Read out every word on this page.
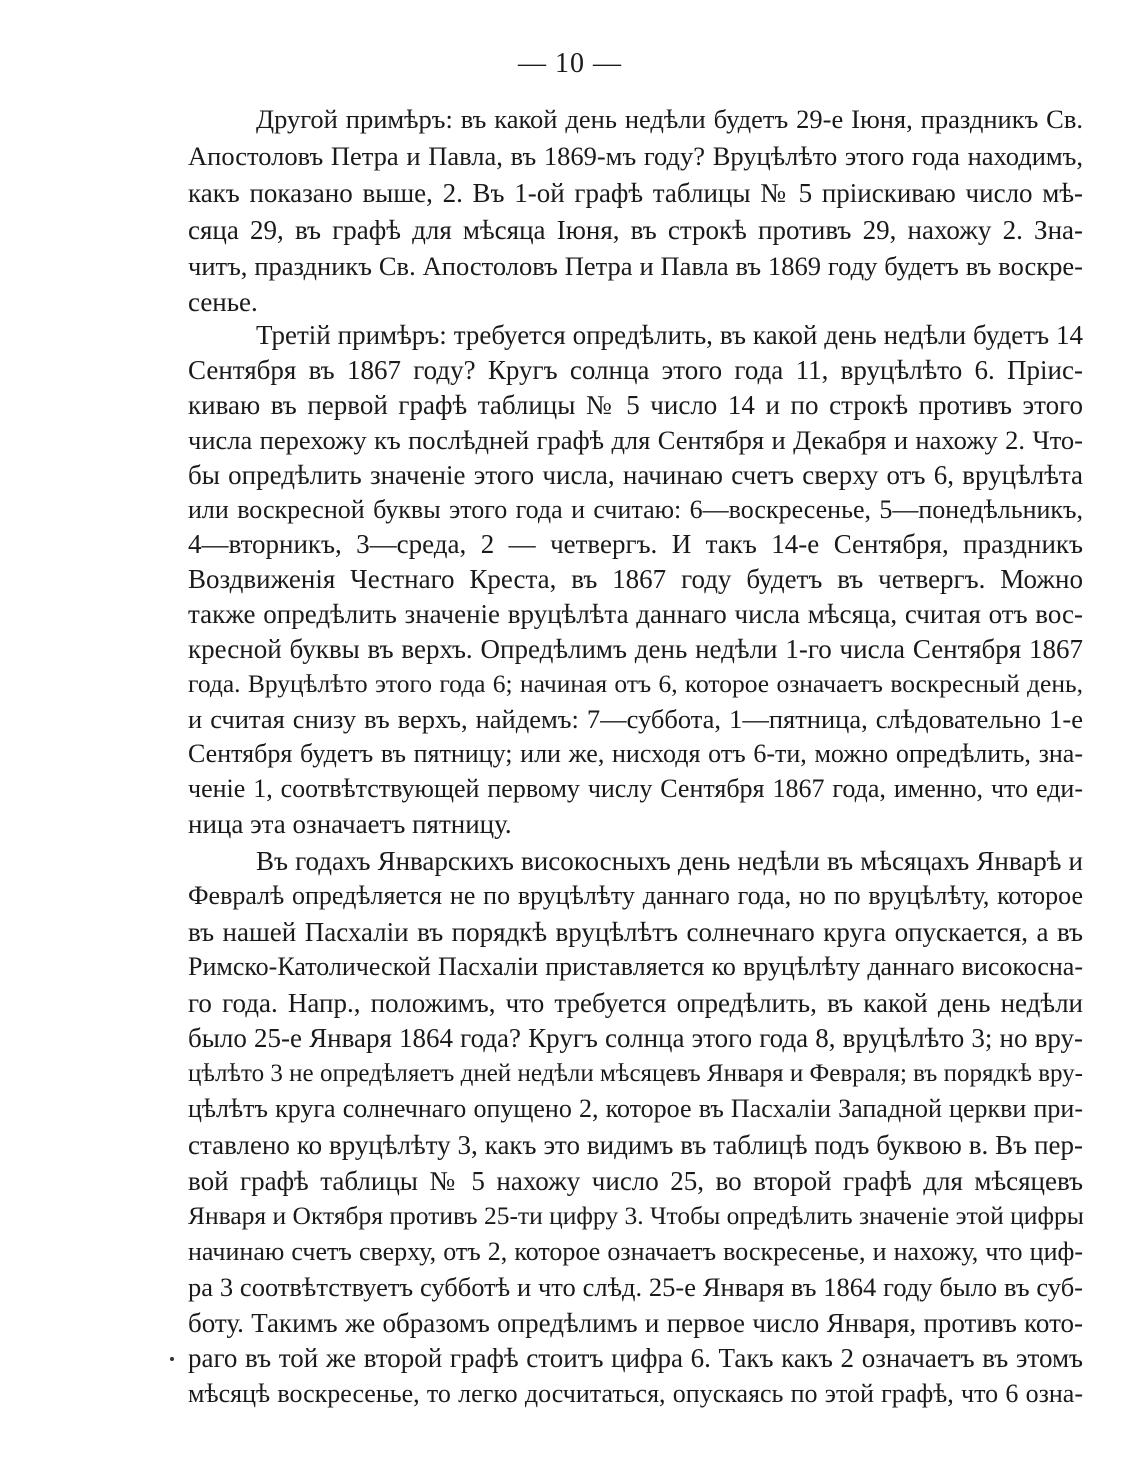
— 10 —
Другой примѣръ: въ какой день недѣли будетъ 29-е Іюня, праздникъ Св.
Апостоловъ Петра и Павла, въ 1869-мъ году? Вруцѣлѣто этого года находимъ,
какъ показано выше, 2. Въ 1-ой графѣ таблицы № 5 пріискиваю число мѣ-
сяца 29, въ графѣ для мѣсяца Іюня, въ строкѣ противъ 29, нахожу 2. Зна-
читъ, праздникъ Св. Апостоловъ Петра и Павла въ 1869 году будетъ въ воскре-
сенье.
Третій примѣръ: требуется опредѣлить, въ какой день недѣли будетъ 14
Сентября въ 1867 году? Кругъ солнца этого года 11, вруцѣлѣто 6. Пріис-
киваю въ первой графѣ таблицы № 5 число 14 и по строкѣ противъ этого
числа перехожу къ послѣдней графѣ для Сентября и Декабря и нахожу 2. Что-
бы опредѣлить значеніе этого числа, начинаю счетъ сверху отъ 6, вруцѣлѣта
или воскресной буквы этого года и считаю: 6—воскресенье, 5—понедѣльникъ,
4—вторникъ, 3—среда, 2 — четвергъ. И такъ 14-е Сентября, праздникъ
Воздвиженія Честнаго Креста, въ 1867 году будетъ въ четвергъ. Можно
также опредѣлить значеніе вруцѣлѣта даннаго числа мѣсяца, считая отъ вос-
кресной буквы въ верхъ. Опредѣлимъ день недѣли 1-го числа Сентября 1867
года. Вруцѣлѣто этого года 6; начиная отъ 6, которое означаетъ воскресный день,
и считая снизу въ верхъ, найдемъ: 7—суббота, 1—пятница, слѣдовательно 1-е
Сентября будетъ въ пятницу; или же, нисходя отъ 6-ти, можно опредѣлить, зна-
ченіе 1, соотвѣтствующей первому числу Сентября 1867 года, именно, что еди-
ница эта означаетъ пятницу.
Въ годахъ Январскихъ високосныхъ день недѣли въ мѣсяцахъ Январѣ и
Февралѣ опредѣляется не по вруцѣлѣту даннаго года, но по вруцѣлѣту, которое
въ нашей Пасхаліи въ порядкѣ вруцѣлѣтъ солнечнаго круга опускается, а въ
Римско-Католической Пасхаліи приставляется ко вруцѣлѣту даннаго високосна-
го года. Напр., положимъ, что требуется опредѣлить, въ какой день недѣли
было 25-е Января 1864 года? Кругъ солнца этого года 8, вруцѣлѣто 3; но вру-
цѣлѣто 3 не опредѣляетъ дней недѣли мѣсяцевъ Января и Февраля; въ порядкѣ вру-
цѣлѣтъ круга солнечнаго опущено 2, которое въ Пасхаліи Западной церкви при-
ставлено ко вруцѣлѣту 3, какъ это видимъ въ таблицѣ подъ буквою в. Въ пер-
вой графѣ таблицы № 5 нахожу число 25, во второй графѣ для мѣсяцевъ
Января и Октября противъ 25-ти цифру 3. Чтобы опредѣлить значеніе этой цифры
начинаю счетъ сверху, отъ 2, которое означаетъ воскресенье, и нахожу, что циф-
ра 3 соотвѣтствуетъ субботѣ и что слѣд. 25-е Января въ 1864 году было въ суб-
боту. Такимъ же образомъ опредѣлимъ и первое число Января, противъ кото-
раго въ той же второй графѣ стоитъ цифра 6. Такъ какъ 2 означаетъ въ этомъ
мѣсяцѣ воскресенье, то легко досчитаться, опускаясь по этой графѣ, что 6 озна-
